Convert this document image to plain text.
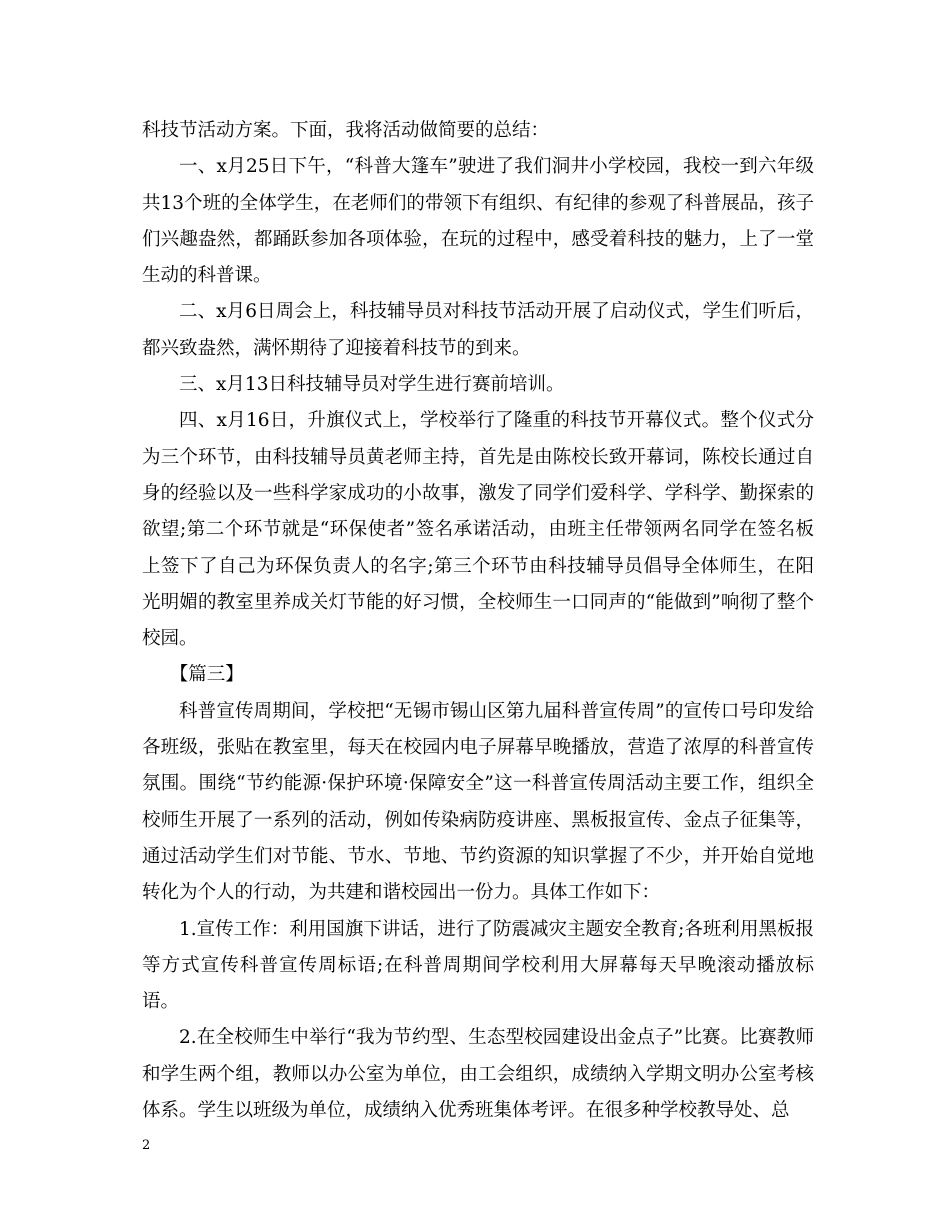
科技节活动方案。下面，我将活动做简要的总结：

一、x月25日下午，“科普大篷车”驶进了我们洞井小学校园，我校一到六年级共13个班的全体学生，在老师们的带领下有组织、有纪律的参观了科普展品，孩子们兴趣盎然，都踊跃参加各项体验，在玩的过程中，感受着科技的魅力，上了一堂生动的科普课。

二、x月6日周会上，科技辅导员对科技节活动开展了启动仪式，学生们听后，都兴致盎然，满怀期待了迎接着科技节的到来。

三、x月13日科技辅导员对学生进行赛前培训。

四、x月16日，升旗仪式上，学校举行了隆重的科技节开幕仪式。整个仪式分为三个环节，由科技辅导员黄老师主持，首先是由陈校长致开幕词，陈校长通过自身的经验以及一些科学家成功的小故事，激发了同学们爱科学、学科学、勤探索的欲望;第二个环节就是“环保使者”签名承诺活动，由班主任带领两名同学在签名板上签下了自己为环保负责人的名字;第三个环节由科技辅导员倡导全体师生，在阳光明媚的教室里养成关灯节能的好习惯，全校师生一口同声的“能做到”响彻了整个校园。

【篇三】

科普宣传周期间，学校把“无锡市锡山区第九届科普宣传周”的宣传口号印发给各班级，张贴在教室里，每天在校园内电子屏幕早晚播放，营造了浓厚的科普宣传氛围。围绕“节约能源·保护环境·保障安全”这一科普宣传周活动主要工作，组织全校师生开展了一系列的活动，例如传染病防疫讲座、黑板报宣传、金点子征集等，通过活动学生们对节能、节水、节地、节约资源的知识掌握了不少，并开始自觉地转化为个人的行动，为共建和谐校园出一份力。具体工作如下：

1.宣传工作：利用国旗下讲话，进行了防震减灾主题安全教育;各班利用黑板报等方式宣传科普宣传周标语;在科普周期间学校利用大屏幕每天早晚滚动播放标语。

2.在全校师生中举行“我为节约型、生态型校园建设出金点子”比赛。比赛教师和学生两个组，教师以办公室为单位，由工会组织，成绩纳入学期文明办公室考核体系。学生以班级为单位，成绩纳入优秀班集体考评。在很多种学校教导处、总

2
